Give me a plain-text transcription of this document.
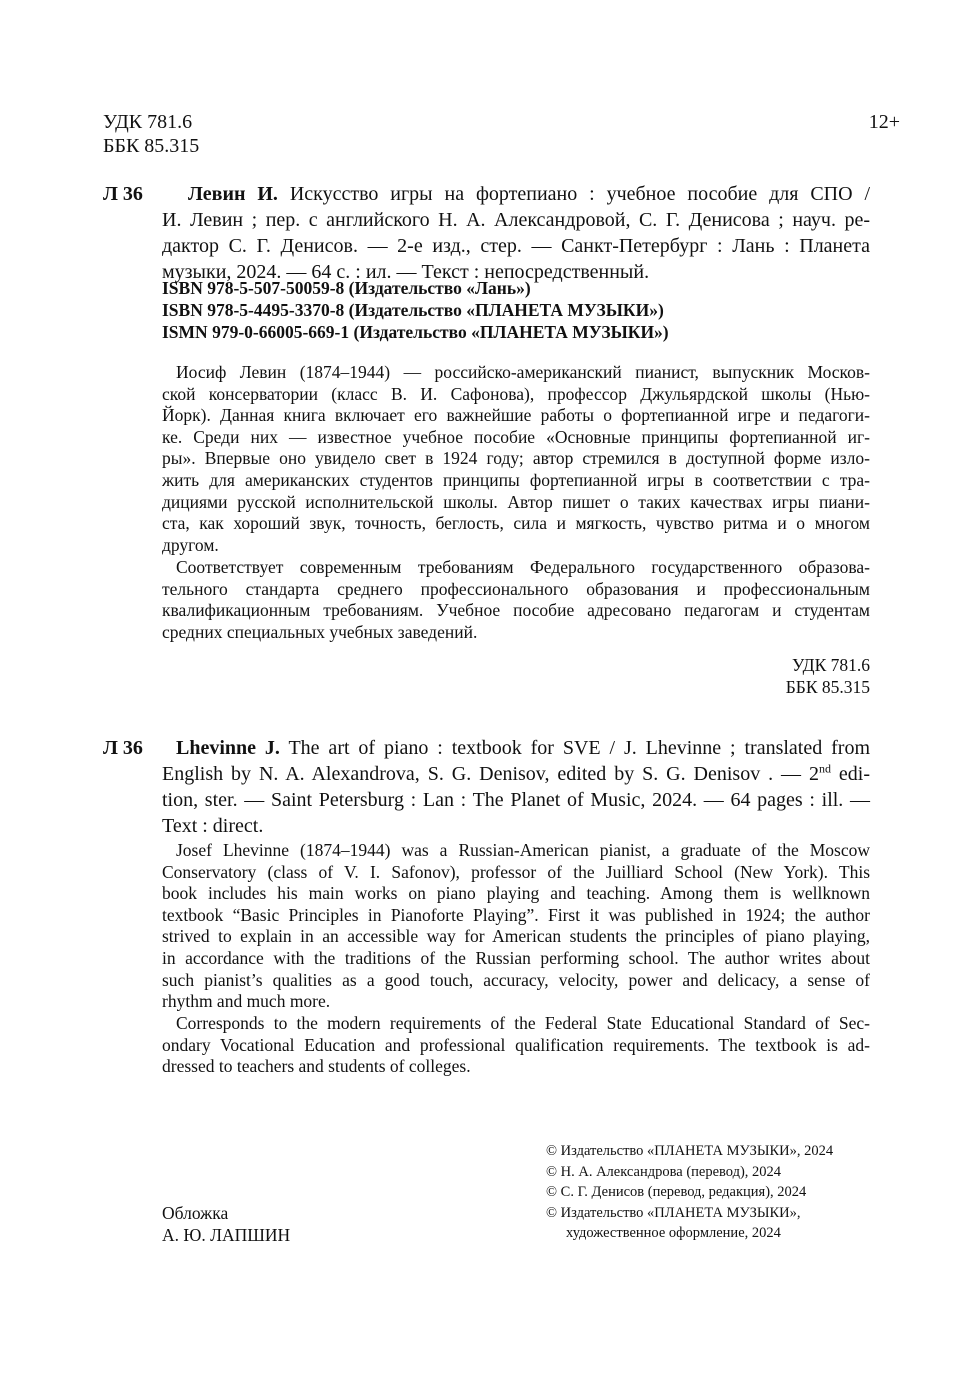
УДК 781.6
ББК 85.315
12+
Л 36	Левин И. Искусство игры на фортепиано : учебное пособие для СПО /
И. Левин ; пер. с английского Н. А. Александровой, С. Г. Денисова ; науч. ре-
дактор С. Г. Денисов. — 2-е изд., стер. — Санкт-Петербург : Лань : Планета
музыки, 2024. — 64 с. : ил. — Текст : непосредственный.
ISBN 978-5-507-50059-8 (Издательство «Лань»)
ISBN 978-5-4495-3370-8 (Издательство «ПЛАНЕТА МУЗЫКИ»)
ISMN 979-0-66005-669-1 (Издательство «ПЛАНЕТА МУЗЫКИ»)
Иосиф Левин (1874–1944) — российско-американский пианист, выпускник Москов-
ской консерватории (класс В. И. Сафонова), профессор Джульярдской школы (Нью-
Йорк). Данная книга включает его важнейшие работы о фортепианной игре и педагоги-
ке. Среди них — известное учебное пособие «Основные принципы фортепианной иг-
ры». Впервые оно увидело свет в 1924 году; автор стремился в доступной форме изло-
жить для американских студентов принципы фортепианной игры в соответствии с тра-
дициями русской исполнительской школы. Автор пишет о таких качествах игры пиани-
ста, как хороший звук, точность, беглость, сила и мягкость, чувство ритма и о многом
другом.
Соответствует современным требованиям Федерального государственного образова-
тельного стандарта среднего профессионального образования и профессиональным
квалификационным требованиям. Учебное пособие адресовано педагогам и студентам
средних специальных учебных заведений.
УДК 781.6
ББК 85.315
Л 36	Lhevinne J. The art of piano : textbook for SVE / J. Lhevinne ; translated from
English by N. A. Alexandrova, S. G. Denisov, edited by S. G. Denisov . — 2nd edi-
tion, ster. — Saint Petersburg : Lan : The Planet of Music, 2024. — 64 pages : ill. —
Text : direct.
Josef Lhevinne (1874–1944) was a Russian-American pianist, a graduate of the Moscow
Conservatory (class of V. I. Safonov), professor of the Juilliard School (New York). This
book includes his main works on piano playing and teaching. Among them is wellknown
textbook “Basic Principles in Pianoforte Playing”. First it was published in 1924; the author
strived to explain in an accessible way for American students the principles of piano playing,
in accordance with the traditions of the Russian performing school. The author writes about
such pianist’s qualities as a good touch, accuracy, velocity, power and delicacy, a sense of
rhythm and much more.
Corresponds to the modern requirements of the Federal State Educational Standard of Sec-
ondary Vocational Education and professional qualification requirements. The textbook is ad-
dressed to teachers and students of colleges.
Обложка
А. Ю. ЛАПШИН
© Издательство «ПЛАНЕТА МУЗЫКИ», 2024
© Н. А. Александрова (перевод), 2024
© С. Г. Денисов (перевод, редакция), 2024
© Издательство «ПЛАНЕТА МУЗЫКИ»,
художественное оформление, 2024
